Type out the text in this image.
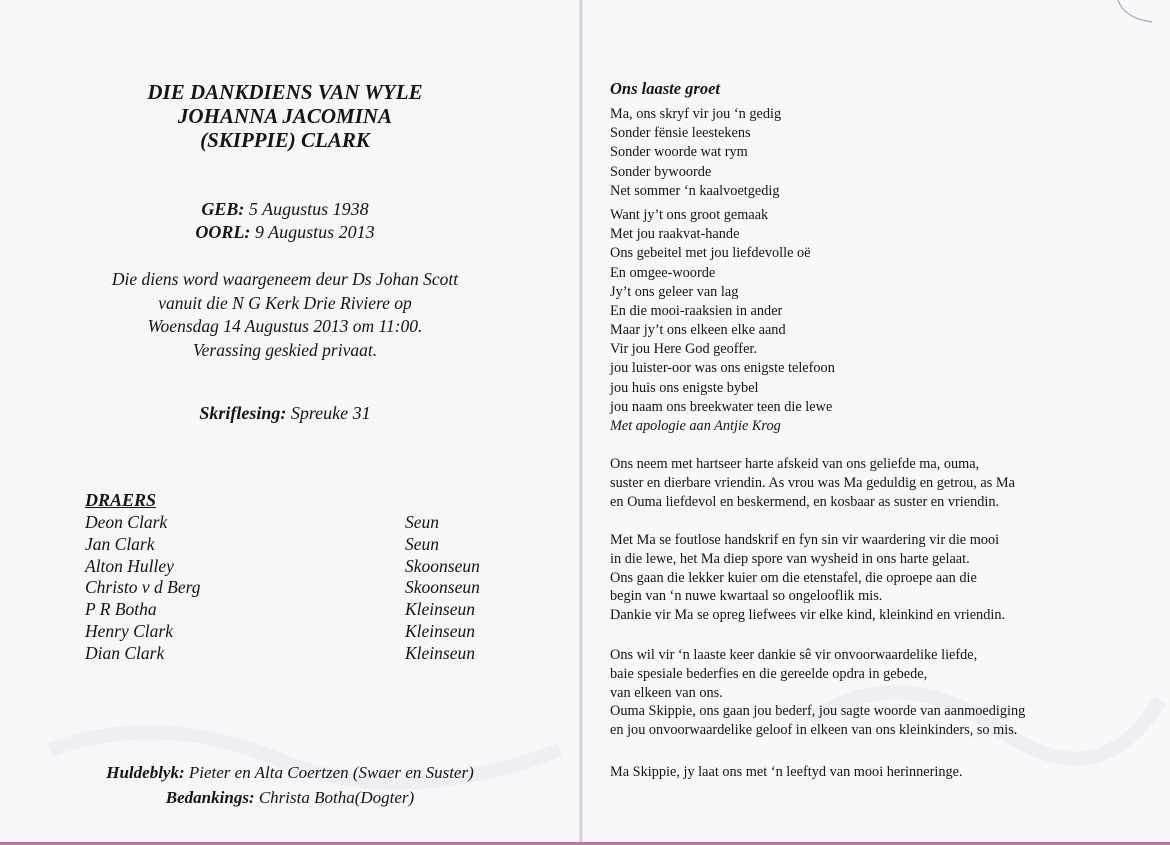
DIE DANKDIENS VAN WYLE
JOHANNA JACOMINA
(SKIPPIE) CLARK
GEB: 5 Augustus 1938
OORL: 9 Augustus 2013
Die diens word waargeneem deur Ds Johan Scott
vanuit die N G Kerk Drie Riviere op
Woensdag 14 Augustus 2013 om 11:00.
Verassing geskied privaat.
Skriflesing: Spreuke 31
DRAERS
Deon Clark	Seun
Jan Clark	Seun
Alton Hulley	Skoonseun
Christo v d Berg	Skoonseun
P R Botha	Kleinseun
Henry Clark	Kleinseun
Dian Clark	Kleinseun
Huldeblyk: Pieter en Alta Coertzen (Swaer en Suster)
Bedankings: Christa Botha(Dogter)
Ons laaste groet
Ma, ons skryf vir jou ‘n gedig
Sonder fënsie leestekens
Sonder woorde wat rym
Sonder bywoorde
Net sommer ‘n kaalvoetgedig
Want jy’t ons groot gemaak
Met jou raakvat-hande
Ons gebeitel met jou liefdevolle oë
En omgee-woorde
Jy’t ons geleer van lag
En die mooi-raaksien in ander
Maar jy’t ons elkeen elke aand
Vir jou Here God geoffer.
jou luister-oor was ons enigste telefoon
jou huis ons enigste bybel
jou naam ons breekwater teen die lewe
Met apologie aan Antjie Krog
Ons neem met hartseer harte afskeid van ons geliefde ma, ouma,
suster en dierbare vriendin. As vrou was Ma geduldig en getrou, as Ma
en Ouma liefdevol en beskermend, en kosbaar as suster en vriendin.
Met Ma se foutlose handskrif en fyn sin vir waardering vir die mooi
in die lewe, het Ma diep spore van wysheid in ons harte gelaat.
Ons gaan die lekker kuier om die etenstafel, die oproepe aan die
begin van ‘n nuwe kwartaal so ongelooflik mis.
Dankie vir Ma se opreg liefwees vir elke kind, kleinkind en vriendin.
Ons wil vir ‘n laaste keer dankie sê vir onvoorwaardelike liefde,
baie spesiale bederfies en die gereelde opdra in gebede,
van elkeen van ons.
Ouma Skippie, ons gaan jou bederf, jou sagte woorde van aanmoediging
en jou onvoorwaardelike geloof in elkeen van ons kleinkinders, so mis.
Ma Skippie, jy laat ons met ‘n leeftyd van mooi herinneringe.
